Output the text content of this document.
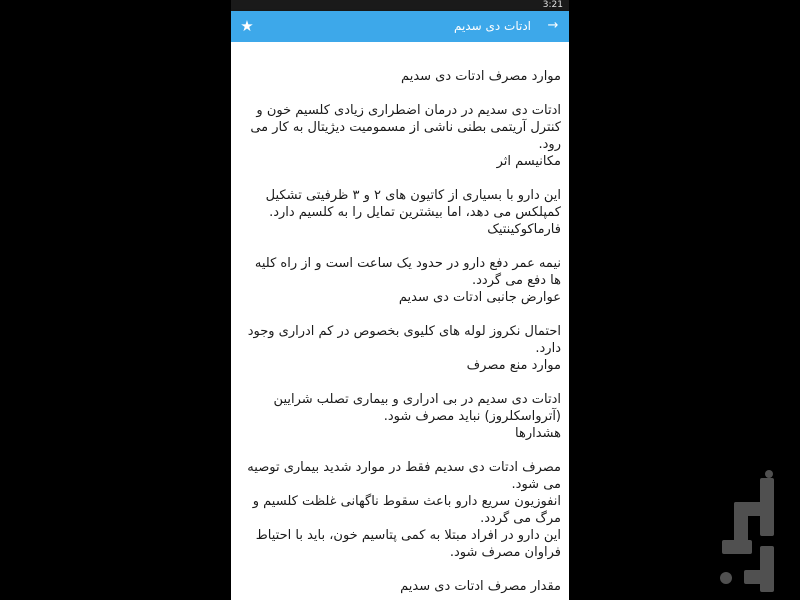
3:21
★	ادتات دی سدیم	→

موارد مصرف ادتات دی سدیم

ادتات دی سدیم در درمان اضطراری زیادی کلسیم خون و کنترل آریتمی بطنی ناشی از مسمومیت دیژیتال به کار می رود.
مکانیسم اثر

این دارو با بسیاری از کاتیون های ۲ و ۳ ظرفیتی تشکیل کمپلکس می دهد، اما بیشترین تمایل را به کلسیم دارد.
فارماکوکینتیک

نیمه عمر دفع دارو در حدود یک ساعت است و از راه کلیه ها دفع می گردد.
عوارض جانبی ادتات دی سدیم

احتمال نکروز لوله های کلیوی بخصوص در کم ادراری وجود دارد.
موارد منع مصرف

ادتات دی سدیم در بی ادراری و بیماری تصلب شرایین (آترواسکلروز) نباید مصرف شود.
هشدارها

مصرف ادتات دی سدیم فقط در موارد شدید بیماری توصیه می شود.
انفوزیون سریع دارو باعث سقوط ناگهانی غلظت کلسیم و مرگ می گردد.
این دارو در افراد مبتلا به کمی پتاسیم خون، باید با احتیاط فراوان مصرف شود.

مقدار مصرف ادتات دی سدیم
